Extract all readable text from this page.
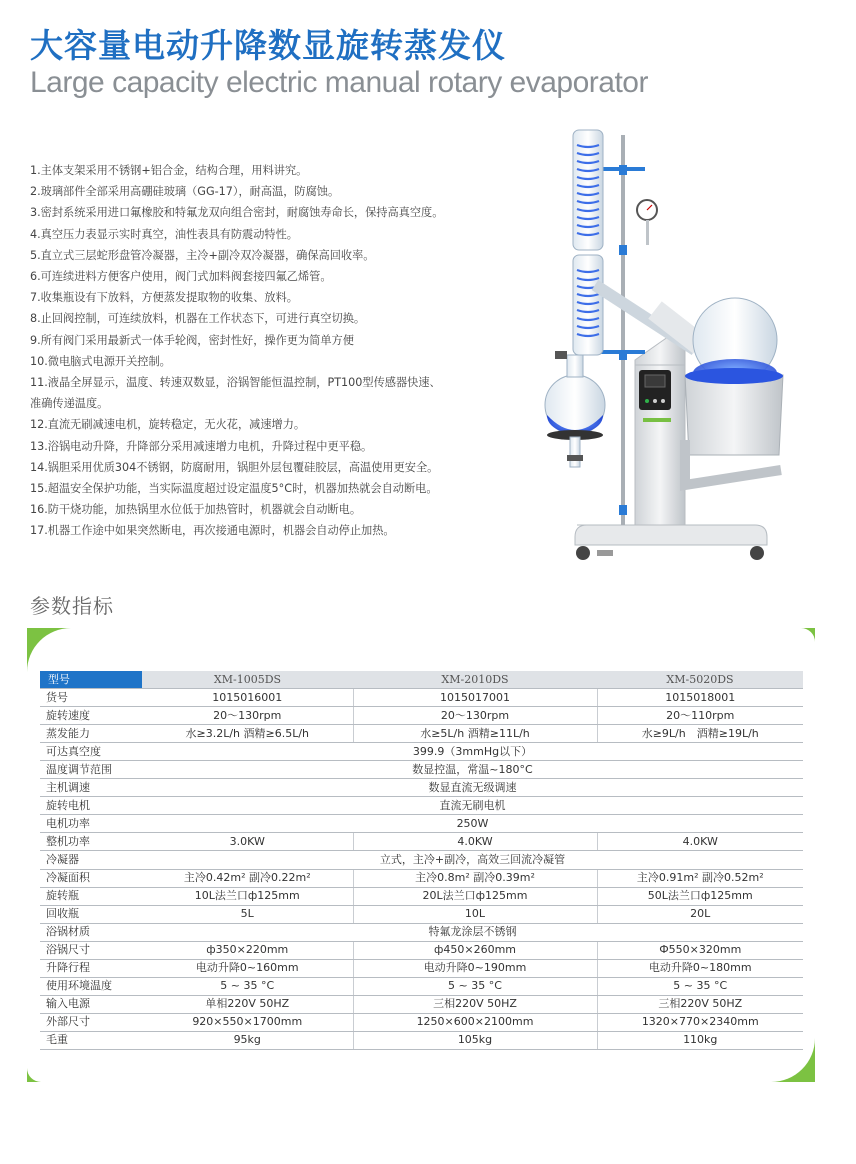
大容量电动升降数显旋转蒸发仪
Large capacity electric manual rotary evaporator
1.主体支架采用不锈钢+铝合金，结构合理，用料讲究。
2.玻璃部件全部采用高硼硅玻璃（GG-17），耐高温，防腐蚀。
3.密封系统采用进口氟橡胶和特氟龙双向组合密封，耐腐蚀寿命长，保持高真空度。
4.真空压力表显示实时真空，油性表具有防震动特性。
5.直立式三层蛇形盘管冷凝器，主冷+副冷双冷凝器，确保高回收率。
6.可连续进料方便客户使用，阀门式加料阀套接四氟乙烯管。
7.收集瓶设有下放料，方便蒸发提取物的收集、放料。
8.止回阀控制，可连续放料，机器在工作状态下，可进行真空切换。
9.所有阀门采用最新式一体手轮阀，密封性好，操作更为简单方便
10.微电脑式电源开关控制。
11.液晶全屏显示，温度、转速双数显，浴锅智能恒温控制，PT100型传感器快速、
准确传递温度。
12.直流无刷减速电机，旋转稳定，无火花，减速增力。
13.浴锅电动升降，升降部分采用减速增力电机，升降过程中更平稳。
14.锅胆采用优质304不锈钢，防腐耐用，锅胆外层包覆硅胶层，高温使用更安全。
15.超温安全保护功能，当实际温度超过设定温度5°C时，机器加热就会自动断电。
16.防干烧功能，加热锅里水位低于加热管时，机器就会自动断电。
17.机器工作途中如果突然断电，再次接通电源时，机器会自动停止加热。
参数指标
型号	XM-1005DS	XM-2010DS	XM-5020DS
货号	1015016001	1015017001	1015018001
旋转速度	20～130rpm	20～130rpm	20～110rpm
蒸发能力	水≥3.2L/h 酒精≥6.5L/h	水≥5L/h 酒精≥11L/h	水≥9L/h　酒精≥19L/h
可达真空度	399.9（3mmHg以下）		
温度调节范围	数显控温，常温~180°C		
主机调速	数显直流无级调速		
旋转电机	直流无刷电机		
电机功率	250W		
整机功率	3.0KW	4.0KW	4.0KW
冷凝器	立式，主冷+副冷，高效三回流冷凝管		
冷凝面积	主冷0.42m² 副冷0.22m²	主冷0.8m² 副冷0.39m²	主冷0.91m² 副冷0.52m²
旋转瓶	10L法兰口ф125mm	20L法兰口ф125mm	50L法兰口ф125mm
回收瓶	5L	10L	20L
浴锅材质	特氟龙涂层不锈钢		
浴锅尺寸	ф350×220mm	ф450×260mm	Ф550×320mm
升降行程	电动升降0~160mm	电动升降0~190mm	电动升降0~180mm
使用环境温度	5 ~ 35 °C	5 ~ 35 °C	5 ~ 35 °C
输入电源	单相220V 50HZ	三相220V 50HZ	三相220V 50HZ
外部尺寸	920×550×1700mm	1250×600×2100mm	1320×770×2340mm
毛重	95kg	105kg	110kg
